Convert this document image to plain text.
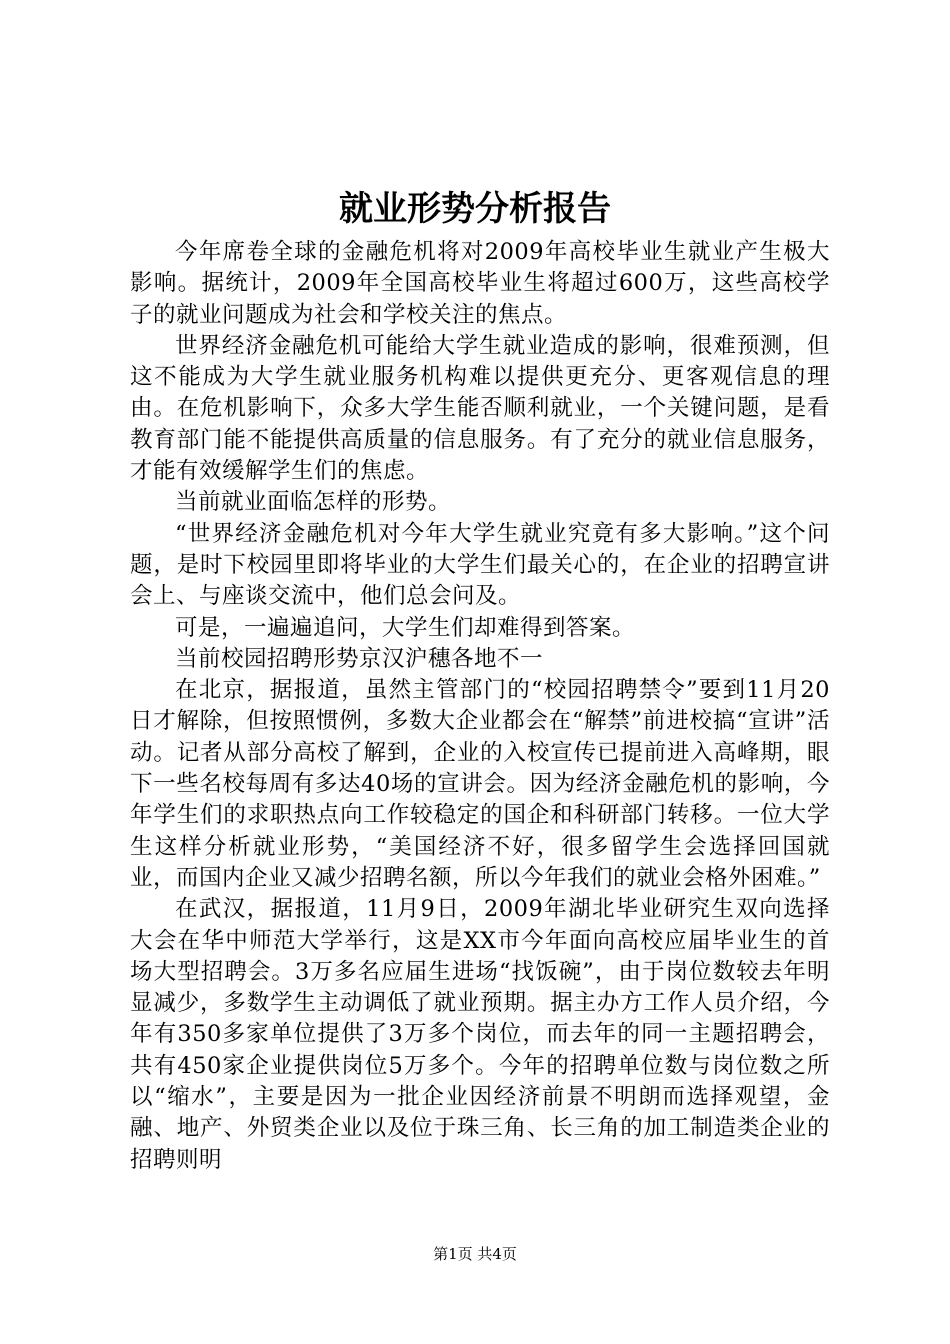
就业形势分析报告

今年席卷全球的金融危机将对2009年高校毕业生就业产生极大影响。据统计，2009年全国高校毕业生将超过600万，这些高校学子的就业问题成为社会和学校关注的焦点。

世界经济金融危机可能给大学生就业造成的影响，很难预测，但这不能成为大学生就业服务机构难以提供更充分、更客观信息的理由。在危机影响下，众多大学生能否顺利就业，一个关键问题，是看教育部门能不能提供高质量的信息服务。有了充分的就业信息服务，才能有效缓解学生们的焦虑。

当前就业面临怎样的形势。

“世界经济金融危机对今年大学生就业究竟有多大影响。”这个问题，是时下校园里即将毕业的大学生们最关心的，在企业的招聘宣讲会上、与座谈交流中，他们总会问及。

可是，一遍遍追问，大学生们却难得到答案。

当前校园招聘形势京汉沪穗各地不一

在北京，据报道，虽然主管部门的“校园招聘禁令”要到11月20日才解除，但按照惯例，多数大企业都会在“解禁”前进校搞“宣讲”活动。记者从部分高校了解到，企业的入校宣传已提前进入高峰期，眼下一些名校每周有多达40场的宣讲会。因为经济金融危机的影响，今年学生们的求职热点向工作较稳定的国企和科研部门转移。一位大学生这样分析就业形势，“美国经济不好，很多留学生会选择回国就业，而国内企业又减少招聘名额，所以今年我们的就业会格外困难。”

在武汉，据报道，11月9日，2009年湖北毕业研究生双向选择大会在华中师范大学举行，这是XX市今年面向高校应届毕业生的首场大型招聘会。3万多名应届生进场“找饭碗”，由于岗位数较去年明显减少，多数学生主动调低了就业预期。据主办方工作人员介绍，今年有350多家单位提供了3万多个岗位，而去年的同一主题招聘会，共有450家企业提供岗位5万多个。今年的招聘单位数与岗位数之所以“缩水”，主要是因为一批企业因经济前景不明朗而选择观望，金融、地产、外贸类企业以及位于珠三角、长三角的加工制造类企业的招聘则明

第1页 共4页
